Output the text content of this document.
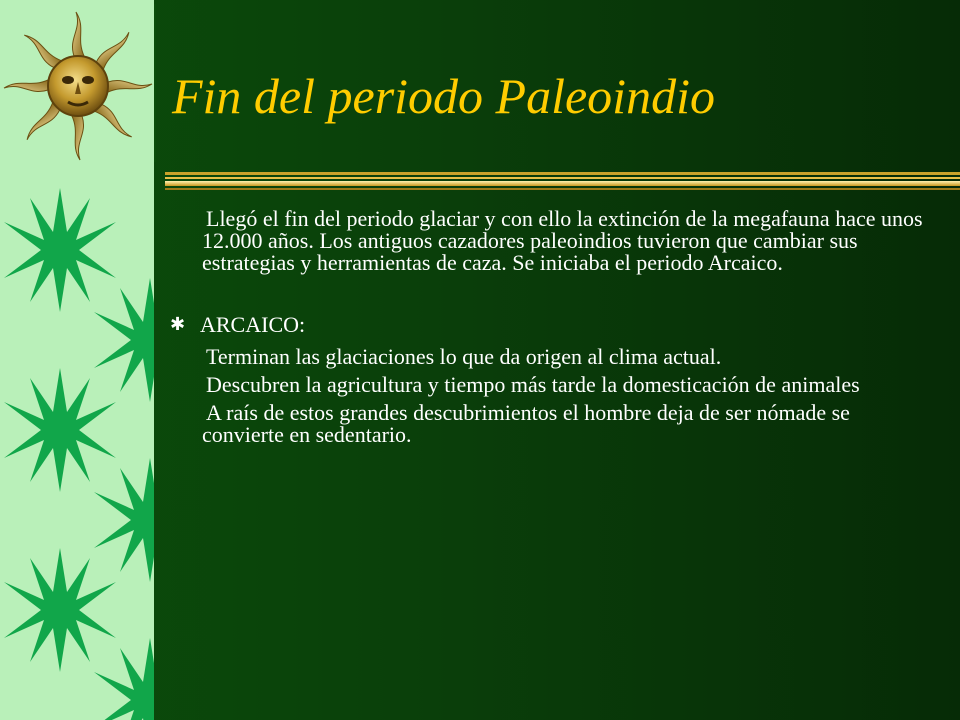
Fin del periodo Paleoindio

Llegó el fin del periodo glaciar y con ello la extinción de la megafauna hace unos 12.000 años. Los antiguos cazadores paleoindios tuvieron que cambiar sus estrategias y herramientas de caza. Se iniciaba el periodo Arcaico.

✱ ARCAICO:
Terminan las glaciaciones lo que da origen al clima actual.
Descubren la agricultura y tiempo más tarde la domesticación de animales
A raís de estos grandes descubrimientos el hombre deja de ser nómade se    convierte en sedentario.
